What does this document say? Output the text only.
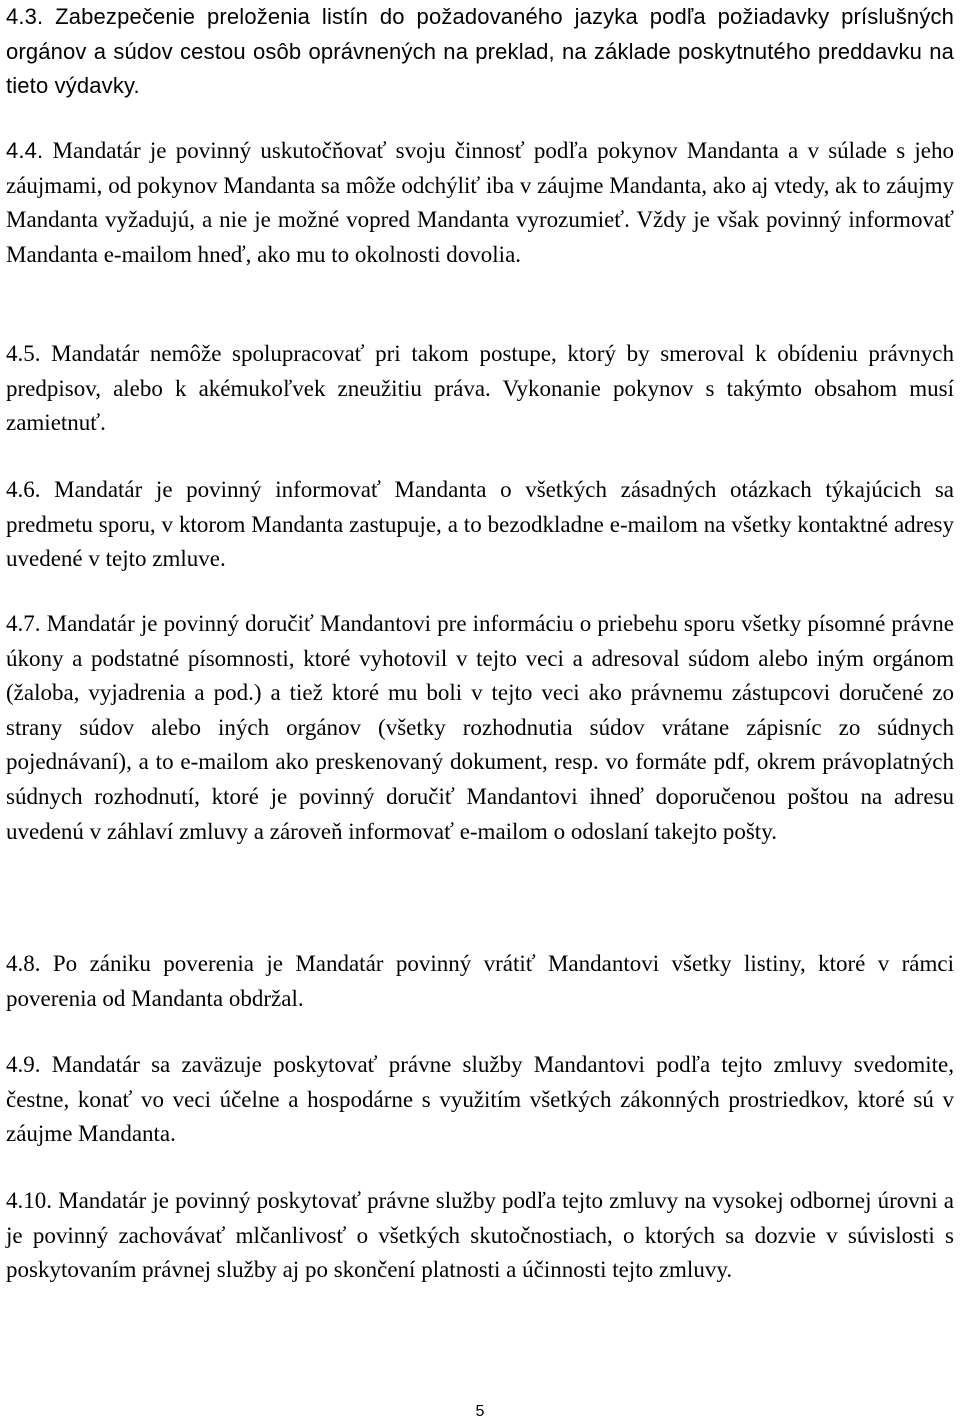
4.3. Zabezpečenie preloženia listín do požadovaného jazyka podľa požiadavky príslušných orgánov a súdov cestou osôb oprávnených na preklad, na základe poskytnutého preddavku na tieto výdavky.

4.4. Mandatár je povinný uskutočňovať svoju činnosť podľa pokynov Mandanta a v súlade s jeho záujmami, od pokynov Mandanta sa môže odchýliť iba v záujme Mandanta, ako aj vtedy, ak to záujmy Mandanta vyžadujú, a nie je možné vopred Mandanta vyrozumieť. Vždy je však povinný informovať Mandanta e-mailom hneď, ako mu to okolnosti dovolia.

4.5. Mandatár nemôže spolupracovať pri takom postupe, ktorý by smeroval k obídeniu právnych predpisov, alebo k akémukoľvek zneužitiu práva. Vykonanie pokynov s takýmto obsahom musí zamietnuť.

4.6. Mandatár je povinný informovať Mandanta o všetkých zásadných otázkach týkajúcich sa predmetu sporu, v ktorom Mandanta zastupuje, a to bezodkladne e-mailom na všetky kontaktné adresy uvedené v tejto zmluve.

4.7. Mandatár je povinný doručiť Mandantovi pre informáciu o priebehu sporu všetky písomné právne úkony a podstatné písomnosti, ktoré vyhotovil v tejto veci a adresoval súdom alebo iným orgánom (žaloba, vyjadrenia a pod.) a tiež ktoré mu boli v tejto veci ako právnemu zástupcovi doručené zo strany súdov alebo iných orgánov (všetky rozhodnutia súdov vrátane zápisníc zo súdnych pojednávaní), a to e-mailom ako preskenovaný dokument, resp. vo formáte pdf, okrem právoplatných súdnych rozhodnutí, ktoré je povinný doručiť Mandantovi ihneď doporučenou poštou na adresu uvedenú v záhlaví zmluvy a zároveň informovať e-mailom o odoslaní takejto pošty.

4.8. Po zániku poverenia je Mandatár povinný vrátiť Mandantovi všetky listiny, ktoré v rámci poverenia od Mandanta obdržal.

4.9. Mandatár sa zaväzuje poskytovať právne služby Mandantovi podľa tejto zmluvy svedomite, čestne, konať vo veci účelne a hospodárne s využitím všetkých zákonných prostriedkov, ktoré sú v záujme Mandanta.

4.10. Mandatár je povinný poskytovať právne služby podľa tejto zmluvy na vysokej odbornej úrovni a je povinný zachovávať mlčanlivosť o všetkých skutočnostiach, o ktorých sa dozvie v súvislosti s poskytovaním právnej služby aj po skončení platnosti a účinnosti tejto zmluvy.

5
